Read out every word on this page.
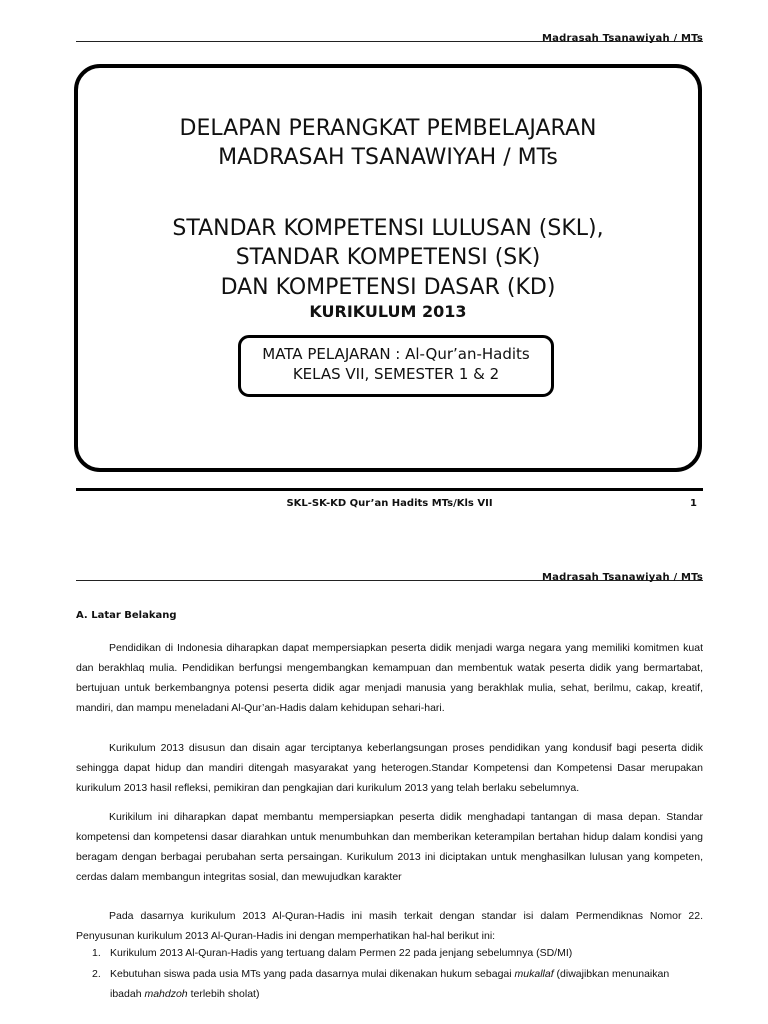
Madrasah Tsanawiyah / MTs
DELAPAN PERANGKAT PEMBELAJARAN
MADRASAH TSANAWIYAH / MTs
STANDAR KOMPETENSI LULUSAN (SKL),
STANDAR KOMPETENSI (SK)
DAN KOMPETENSI DASAR (KD)
KURIKULUM 2013
MATA PELAJARAN : Al-Qur’an-Hadits
KELAS VII, SEMESTER 1 & 2
SKL-SK-KD Qur’an Hadits MTs/Kls VII	1
Madrasah Tsanawiyah / MTs
A. Latar Belakang

Pendidikan di Indonesia diharapkan dapat mempersiapkan peserta didik menjadi warga negara yang memiliki komitmen kuat dan berakhlaq mulia. Pendidikan berfungsi mengembangkan kemampuan dan membentuk watak peserta didik yang bermartabat, bertujuan untuk berkembangnya potensi peserta didik agar menjadi manusia yang berakhlak mulia, sehat, berilmu, cakap, kreatif, mandiri, dan mampu meneladani Al-Qur’an-Hadis dalam kehidupan sehari-hari.

Kurikulum 2013 disusun dan disain agar terciptanya keberlangsungan proses pendidikan yang kondusif bagi peserta didik sehingga dapat hidup dan mandiri ditengah masyarakat yang heterogen.Standar Kompetensi dan Kompetensi Dasar merupakan kurikulum 2013 hasil refleksi, pemikiran dan pengkajian dari kurikulum 2013 yang telah berlaku sebelumnya.

Kurikilum ini diharapkan dapat membantu mempersiapkan peserta didik menghadapi tantangan di masa depan. Standar kompetensi dan kompetensi dasar diarahkan untuk menumbuhkan dan memberikan keterampilan bertahan hidup dalam kondisi yang beragam dengan berbagai perubahan serta persaingan. Kurikulum 2013 ini diciptakan untuk menghasilkan lulusan yang kompeten, cerdas dalam membangun integritas sosial, dan mewujudkan karakter

Pada dasarnya kurikulum 2013 Al-Quran-Hadis ini masih terkait dengan standar isi dalam Permendiknas Nomor 22. Penyusunan kurikulum 2013 Al-Quran-Hadis ini dengan memperhatikan hal-hal berikut ini:

1. Kurikulum 2013 Al-Quran-Hadis yang tertuang dalam Permen 22 pada jenjang sebelumnya (SD/MI)
2. Kebutuhan siswa pada usia MTs yang pada dasarnya mulai dikenakan hukum sebagai mukallaf (diwajibkan menunaikan ibadah mahdzoh terlebih sholat)
